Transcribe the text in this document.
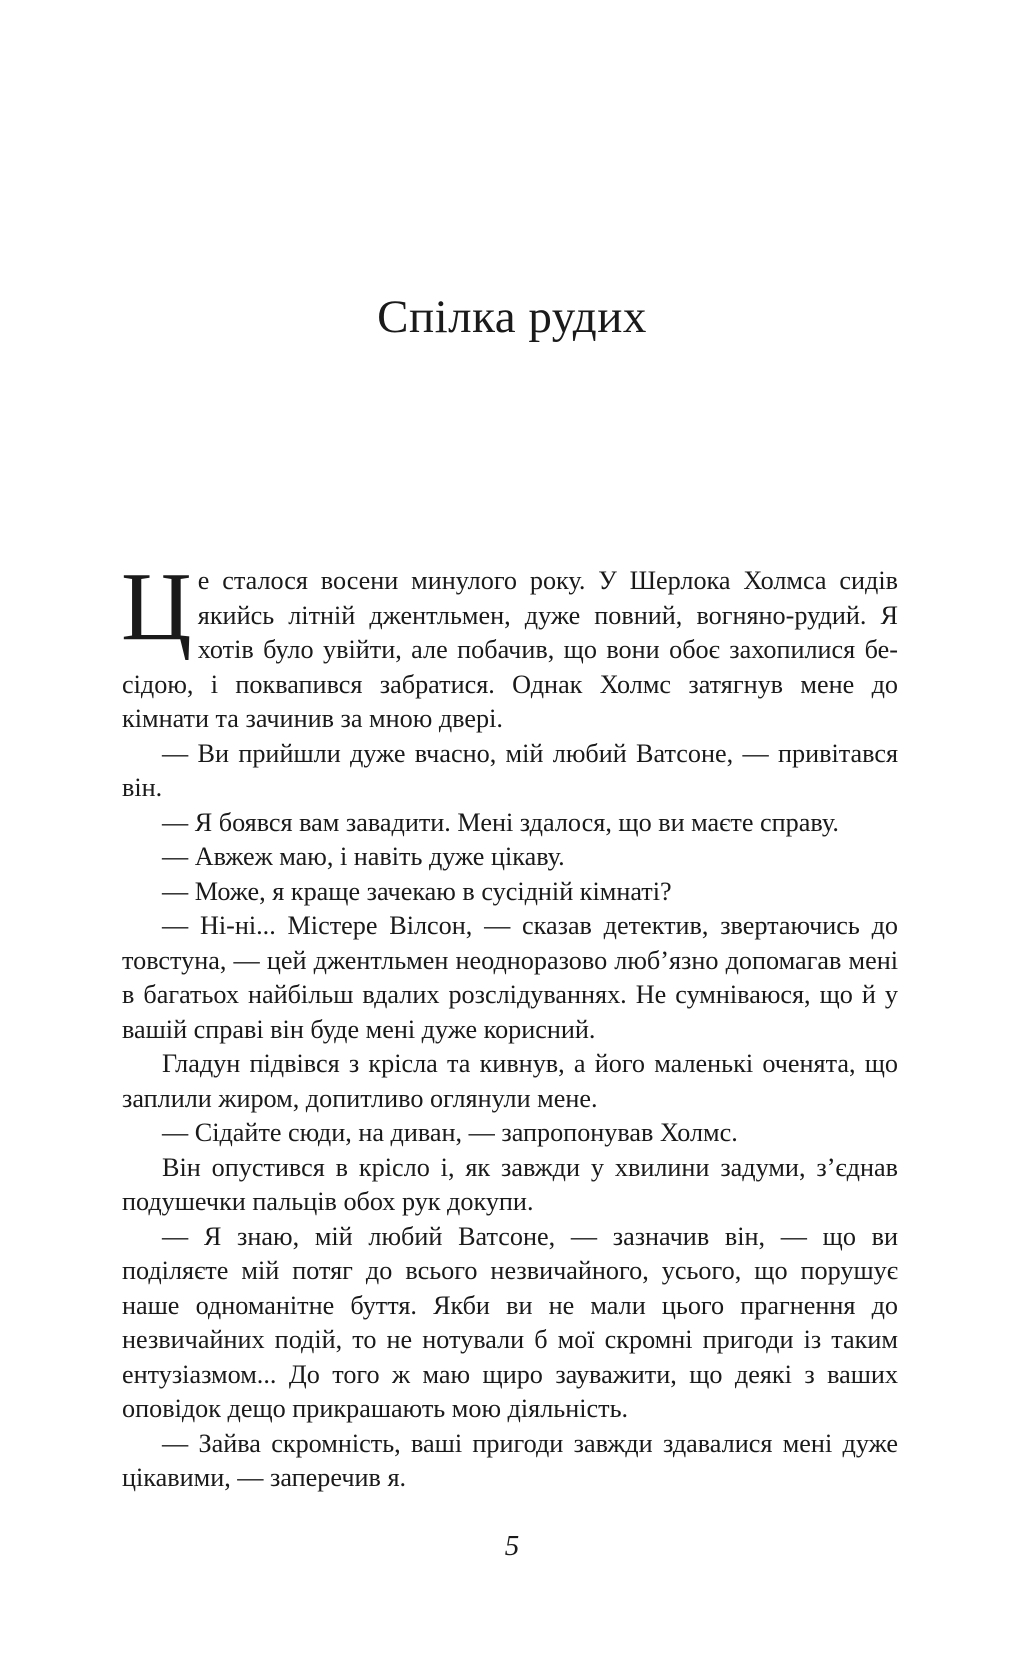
Спілка рудих

Це сталося восени минулого року. У Шерлока Холмса сидів якийсь літній джентльмен, дуже повний, вогняно-рудий. Я хотів було увійти, але побачив, що вони обоє захопилися бесідою, і поквапився забратися. Однак Холмс затягнув мене до кімнати та зачинив за мною двері.

— Ви прийшли дуже вчасно, мій любий Ватсоне, — привітався він.

— Я боявся вам завадити. Мені здалося, що ви маєте справу.

— Авжеж маю, і навіть дуже цікаву.

— Може, я краще зачекаю в сусідній кімнаті?

— Ні-ні... Містере Вілсон, — сказав детектив, звертаючись до товстуна, — цей джентльмен неодноразово люб’язно допомагав мені в багатьох найбільш вдалих розслідуваннях. Не сумніваюся, що й у вашій справі він буде мені дуже корисний.

Гладун підвівся з крісла та кивнув, а його маленькі оченята, що заплили жиром, допитливо оглянули мене.

— Сідайте сюди, на диван, — запропонував Холмс.

Він опустився в крісло і, як завжди у хвилини задуми, з’єднав подушечки пальців обох рук докупи.

— Я знаю, мій любий Ватсоне, — зазначив він, — що ви поділяєте мій потяг до всього незвичайного, усього, що порушує наше одноманітне буття. Якби ви не мали цього прагнення до незвичайних подій, то не нотували б мої скромні пригоди із таким ентузіазмом... До того ж маю щиро зауважити, що деякі з ваших оповідок дещо прикрашають мою діяльність.

— Зайва скромність, ваші пригоди завжди здавалися мені дуже цікавими, — заперечив я.

5
